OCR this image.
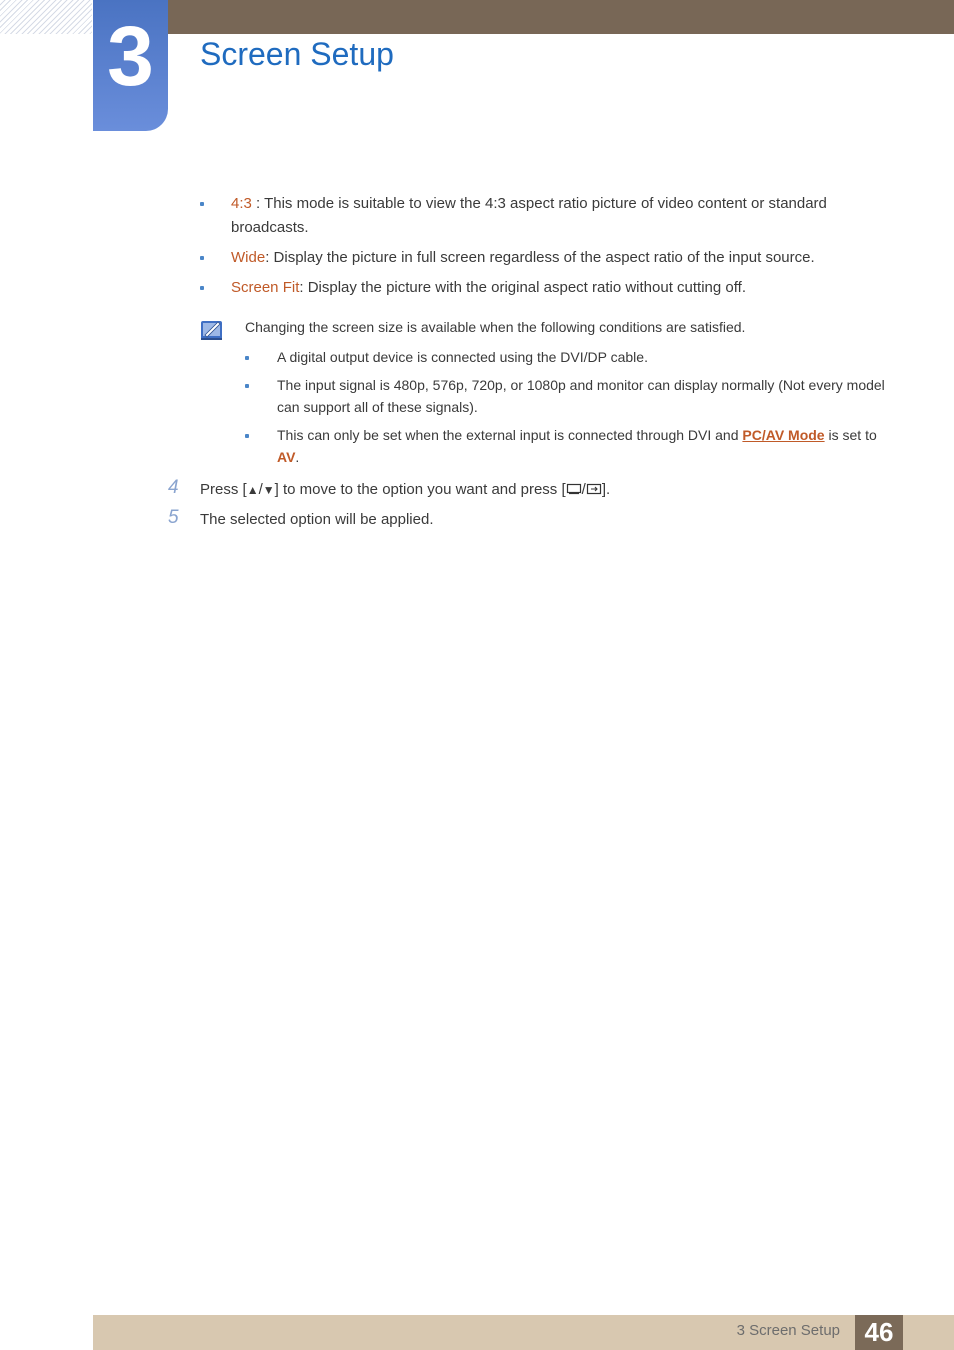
3	Screen Setup
4:3 : This mode is suitable to view the 4:3 aspect ratio picture of video content or standard broadcasts.
Wide: Display the picture in full screen regardless of the aspect ratio of the input source.
Screen Fit: Display the picture with the original aspect ratio without cutting off.
Changing the screen size is available when the following conditions are satisfied.
A digital output device is connected using the DVI/DP cable.
The input signal is 480p, 576p, 720p, or 1080p and monitor can display normally (Not every model can support all of these signals).
This can only be set when the external input is connected through DVI and PC/AV Mode is set to AV.
4 Press [▲/▼] to move to the option you want and press [ / ].
5 The selected option will be applied.
3 Screen Setup 46
